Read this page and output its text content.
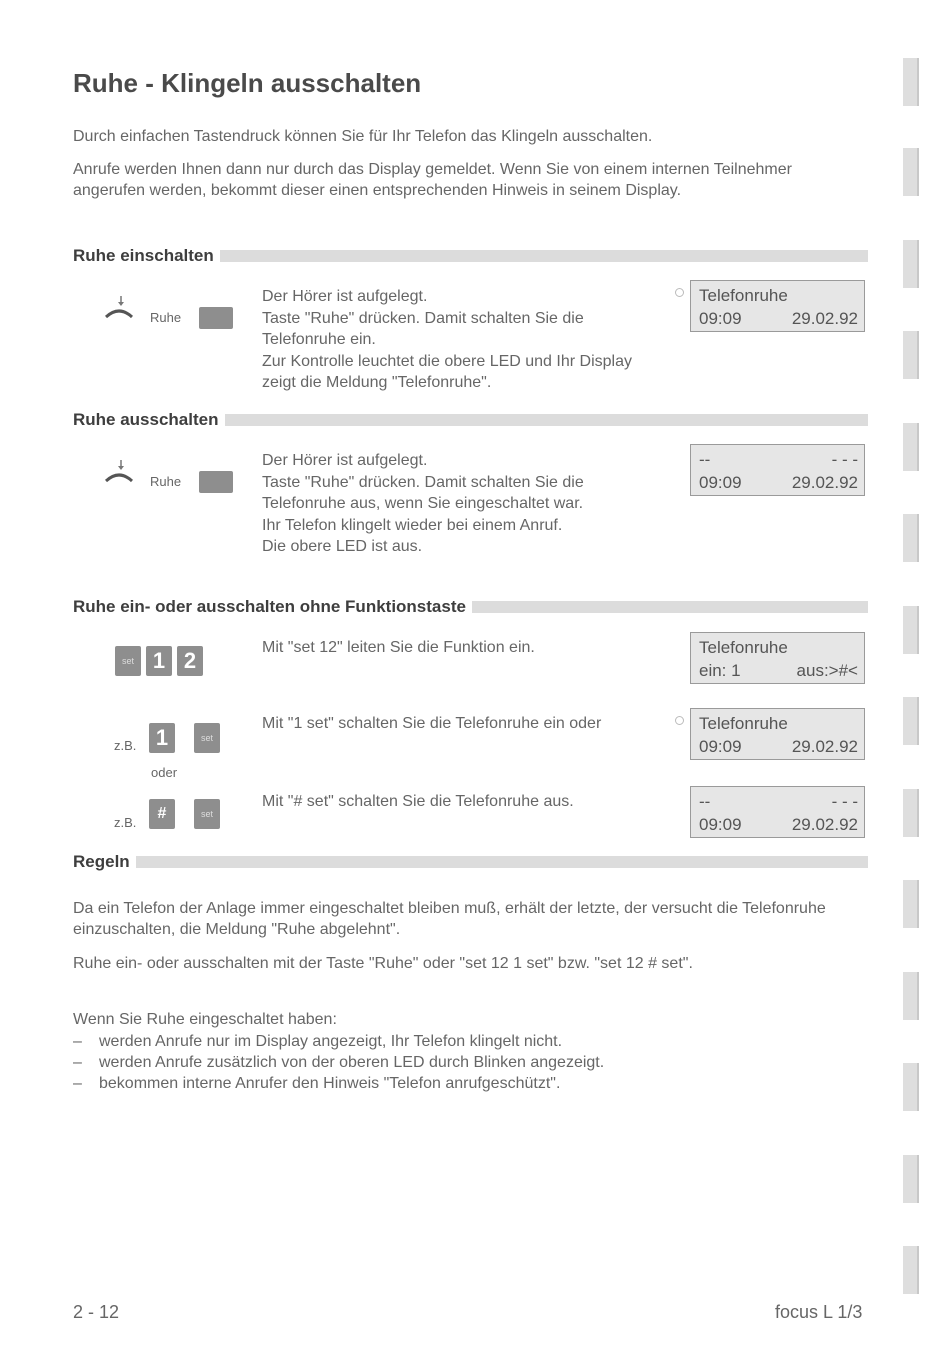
Ruhe - Klingeln ausschalten

Durch einfachen Tastendruck können Sie für Ihr Telefon das Klingeln ausschalten.

Anrufe werden Ihnen dann nur durch das Display gemeldet. Wenn Sie von einem internen Teilnehmer angerufen werden, bekommt dieser einen entsprechenden Hinweis in seinem Display.

Ruhe einschalten
Ruhe
Der Hörer ist aufgelegt.
Taste "Ruhe" drücken. Damit schalten Sie die Telefonruhe ein.
Zur Kontrolle leuchtet die obere LED und Ihr Display zeigt die Meldung "Telefonruhe".
Telefonruhe
09:09	29.02.92
Ruhe ausschalten
Ruhe
Der Hörer ist aufgelegt.
Taste "Ruhe" drücken. Damit schalten Sie die Telefonruhe aus, wenn Sie eingeschaltet war.
Ihr Telefon klingelt wieder bei einem Anruf.
Die obere LED ist aus.
--	- - -
09:09	29.02.92
Ruhe ein- oder ausschalten ohne Funktionstaste
set 1 2
Mit "set 12" leiten Sie die Funktion ein.	Telefonruhe
ein: 1	aus:>#<
z.B. 1	set
oder
Mit "1 set" schalten Sie die Telefonruhe ein oder	Telefonruhe
09:09	29.02.92
z.B.
#	set
Mit "# set" schalten Sie die Telefonruhe aus.	--	- - -
09:09	29.02.92
Regeln

Da ein Telefon der Anlage immer eingeschaltet bleiben muß, erhält der letzte, der versucht die Telefonruhe einzuschalten, die Meldung "Ruhe abgelehnt".

Ruhe ein- oder ausschalten mit der Taste "Ruhe" oder "set 12 1 set" bzw. "set 12 # set".

Wenn Sie Ruhe eingeschaltet haben:

– werden Anrufe nur im Display angezeigt, Ihr Telefon klingelt nicht.
– werden Anrufe zusätzlich von der oberen LED durch Blinken angezeigt.
– bekommen interne Anrufer den Hinweis "Telefon anrufgeschützt".
2 - 12	focus L 1/3
